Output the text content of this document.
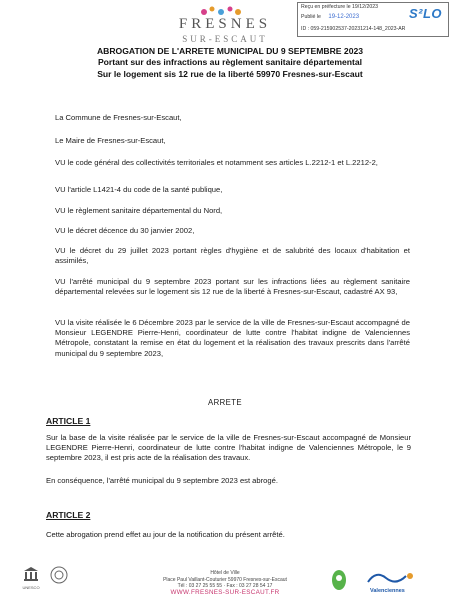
FRESNES
SUR-ESCAUT
Reçu en préfecture le 19/12/2023
Publié le 19-12-2023
ID : 059-215902537-20231214-148_2023-AR
S²LO
ABROGATION DE L'ARRETE MUNICIPAL DU 9 SEPTEMBRE 2023
Portant sur des infractions au règlement sanitaire départemental
Sur le logement sis 12 rue de la liberté 59970 Fresnes-sur-Escaut
La Commune de Fresnes-sur-Escaut,
Le Maire de Fresnes-sur-Escaut,
VU le code général des collectivités territoriales et notamment ses articles L.2212-1 et L.2212-2,
VU l'article L1421-4 du code de la santé publique,
VU le règlement sanitaire départemental du Nord,
VU le décret décence du 30 janvier 2002,
VU le décret du 29 juillet 2023 portant règles d'hygiène et de salubrité des locaux d'habitation et assimilés,
VU l'arrêté municipal du 9 septembre 2023 portant sur les infractions liées au règlement sanitaire départemental relevées sur le logement sis 12 rue de la liberté à Fresnes-sur-Escaut, cadastré AX 93,
VU la visite réalisée le 6 Décembre 2023 par le service de la ville de Fresnes-sur-Escaut accompagné de Monsieur LEGENDRE Pierre-Henri, coordinateur de lutte contre l'habitat indigne de Valenciennes Métropole, constatant la remise en état du logement et la réalisation des travaux prescrits dans l'arrêté municipal du 9 septembre 2023,
ARRETE
ARTICLE 1
Sur la base de la visite réalisée par le service de la ville de Fresnes-sur-Escaut accompagné de Monsieur LEGENDRE Pierre-Henri, coordinateur de lutte contre l'habitat indigne de Valenciennes Métropole, le 9 septembre 2023, il est pris acte de la réalisation des travaux.
En conséquence, l'arrêté municipal du 9 septembre 2023 est abrogé.
ARTICLE 2
Cette abrogation prend effet au jour de la notification du présent arrêté.
UNESCO
Hôtel de Ville
Place Paul Vaillant-Couturier 59970 Fresnes-sur-Escaut
Tél : 03 27 25 55 55 · Fax : 03 27 28 54 17
WWW.FRESNES-SUR-ESCAUT.FR	Valenciennes
